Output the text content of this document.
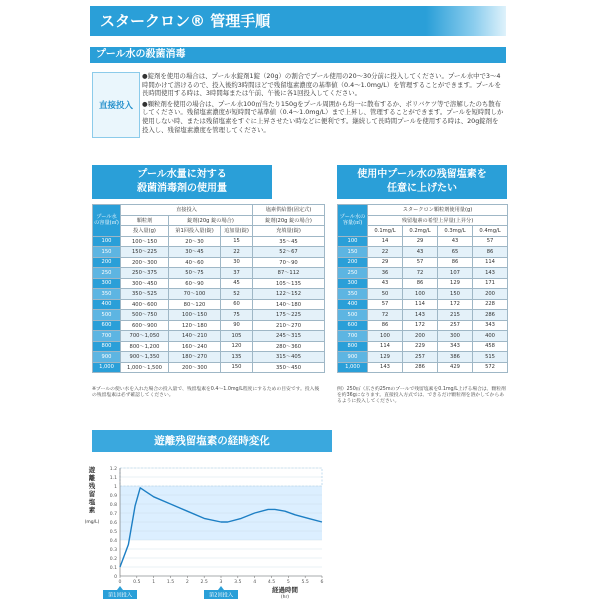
スタークロン® 管理手順
プール水の殺菌消毒
直接投入

●錠剤を使用の場合は、プール水錠剤1錠（20g）の割合でプール使用の20〜30分前に投入してください。プール水中で3〜4時間かけて溶けるので、投入後約3時間ほどで残留塩素濃度の基準値（0.4〜1.0mg/L）を管理することができます。プールを長時間使用する時は、3時間毎または午前、午後に各1回投入してください。

●顆粒剤を使用の場合は、プール水100㎥当たり150gをプール周囲から均一に散布するか、ポリバケツ等で溶解したのち散布してください。残留塩素濃度が短時間で基準値（0.4〜1.0mg/L）まで上昇し、管理することができます。プールを短時間しか使用しない時、または残留塩素をすぐに上昇させたい時などに便利です。継続して長時間プールを使用する時は、20g錠剤を投入し、残留塩素濃度を管理してください。

プール水量に対する
殺菌消毒剤の使用量
プール水の容量(㎥)	直接投入			塩素供給器(固定式)
	顆粒剤	錠剤(20g 錠の場合)		錠剤(20g 錠の場合)
	投入量(g)	第1回投入量(錠)	追加量(錠)	充填量(錠)
100	100〜150	20〜30	15	35〜45
150	150〜225	30〜45	22	52〜67
200	200〜300	40〜60	30	70〜90
250	250〜375	50〜75	37	87〜112
300	300〜450	60〜90	45	105〜135
350	350〜525	70〜100	52	122〜152
400	400〜600	80〜120	60	140〜180
500	500〜750	100〜150	75	175〜225
600	600〜900	120〜180	90	210〜270
700	700〜1,050	140〜210	105	245〜315
800	800〜1,200	160〜240	120	280〜360
900	900〜1,350	180〜270	135	315〜405
1,000	1,000〜1,500	200〜300	150	350〜450
※プールの使い水を入れた場合の投入量で、残留塩素を0.4〜1.0mg/L程度にするための目安です。投入後の残留塩素は必ず確認してください。
使用中プール水の残留塩素を
任意に上げたい
プール水の容量(㎥)	スタークロン顆粒剤使用量(g)			
	残留塩素の希望上昇量(上昇分)			
	0.1mg/L	0.2mg/L	0.3mg/L	0.4mg/L
100	14	29	43	57
150	22	43	65	86
200	29	57	86	114
250	36	72	107	143
300	43	86	129	171
350	50	100	150	200
400	57	114	172	228
500	72	143	215	286
600	86	172	257	343
700	100	200	300	400
800	114	229	343	458
900	129	257	386	515
1,000	143	286	429	572
例）250㎥（広さ約25mのプールで残留塩素を0.1mg/L上げる場合は、顆粒剤を約36gになります。直接投入方式では、できるだけ顆粒剤を溶かしてからあるように投入してください。
遊離残留塩素の経時変化
0
0.1
0.2
0.3
0.4
0.5
0.6
0.7
0.8
0.9
1
1.1
1.2
0	0.5	1	1.5	2	2.5	3	3.5	4	4.5	5	5.5	6
遊
離
残
留
塩
素
(mg/L)
経過時間
(hr)
第1回投入	第2回投入
